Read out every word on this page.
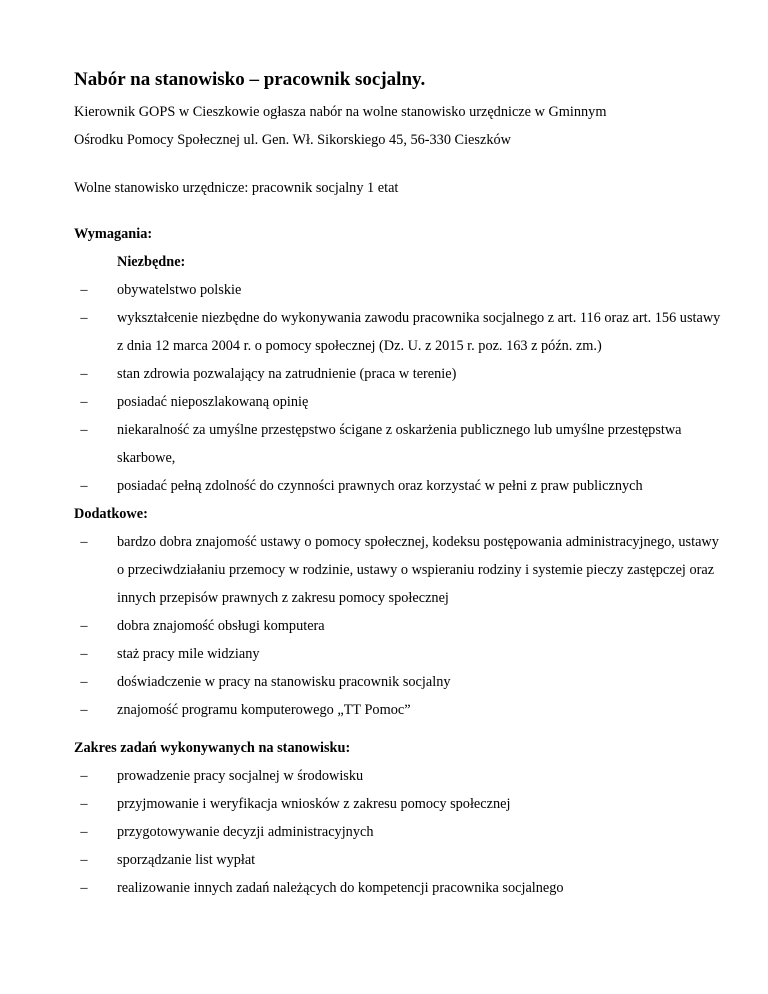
Nabór na stanowisko – pracownik socjalny.

Kierownik GOPS w Cieszkowie ogłasza nabór na wolne stanowisko urzędnicze w Gminnym

Ośrodku Pomocy Społecznej ul. Gen. Wł. Sikorskiego 45, 56-330 Cieszków

Wolne stanowisko urzędnicze: pracownik socjalny 1 etat

Wymagania:

Niezbędne:

–	obywatelstwo polskie
–	wykształcenie niezbędne do wykonywania zawodu pracownika socjalnego z art. 116 oraz art. 156 ustawy z dnia 12 marca 2004 r. o pomocy społecznej (Dz. U. z 2015 r. poz. 163 z późn. zm.)
–	stan zdrowia pozwalający na zatrudnienie (praca w terenie)
–	posiadać nieposzlakowaną opinię
–	niekaralność za umyślne przestępstwo ścigane z oskarżenia publicznego lub umyślne przestępstwa skarbowe,
–	posiadać pełną zdolność do czynności prawnych oraz korzystać w pełni z praw publicznych

Dodatkowe:

–	bardzo dobra znajomość ustawy o pomocy społecznej, kodeksu postępowania administracyjnego, ustawy o przeciwdziałaniu przemocy w rodzinie, ustawy o wspieraniu rodziny i systemie pieczy zastępczej oraz innych przepisów prawnych z zakresu pomocy społecznej
–	dobra znajomość obsługi komputera
–	staż pracy mile widziany
–	doświadczenie w pracy na stanowisku pracownik socjalny
–	znajomość programu komputerowego „TT Pomoc”

Zakres zadań wykonywanych na stanowisku:

–	prowadzenie pracy socjalnej w środowisku
–	przyjmowanie i weryfikacja wniosków z zakresu pomocy społecznej
–	przygotowywanie decyzji administracyjnych
–	sporządzanie list wypłat
–	realizowanie innych zadań należących do kompetencji pracownika socjalnego
